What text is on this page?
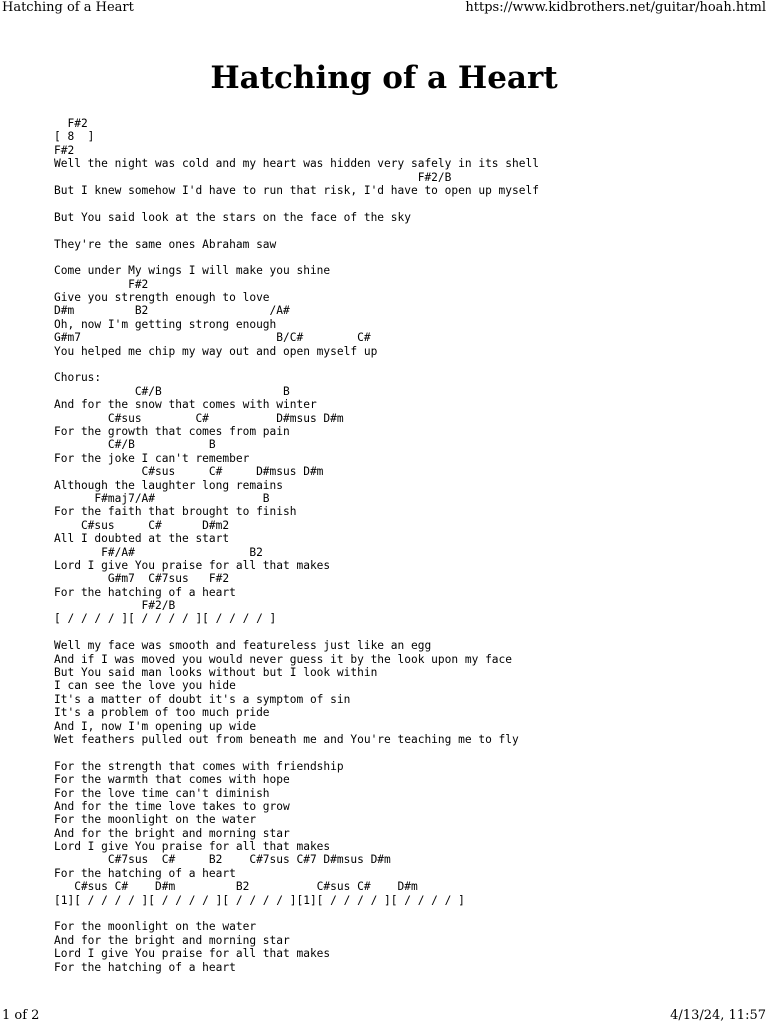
Hatching of a Heart	https://www.kidbrothers.net/guitar/hoah.html
Hatching of a Heart
F#2
[ 8  ]
F#2
Well the night was cold and my heart was hidden very safely in its shell
F#2/B
But I knew somehow I'd have to run that risk, I'd have to open up myself
But You said look at the stars on the face of the sky
They're the same ones Abraham saw
Come under My wings I will make you shine
F#2
Give you strength enough to love
D#m         B2                  /A#
Oh, now I'm getting strong enough
G#m7                             B/C#        C#
You helped me chip my way out and open myself up
Chorus:
C#/B                  B
And for the snow that comes with winter
C#sus        C#          D#msus D#m
For the growth that comes from pain
C#/B           B
For the joke I can't remember
C#sus     C#     D#msus D#m
Although the laughter long remains
F#maj7/A#                B
For the faith that brought to finish
C#sus     C#      D#m2
All I doubted at the start
F#/A#                 B2
Lord I give You praise for all that makes
G#m7  C#7sus   F#2
For the hatching of a heart
F#2/B
[ / / / / ][ / / / / ][ / / / / ]
Well my face was smooth and featureless just like an egg
And if I was moved you would never guess it by the look upon my face
But You said man looks without but I look within
I can see the love you hide
It's a matter of doubt it's a symptom of sin
It's a problem of too much pride
And I, now I'm opening up wide
Wet feathers pulled out from beneath me and You're teaching me to fly
For the strength that comes with friendship
For the warmth that comes with hope
For the love time can't diminish
And for the time love takes to grow
For the moonlight on the water
And for the bright and morning star
Lord I give You praise for all that makes
C#7sus  C#     B2    C#7sus C#7 D#msus D#m
For the hatching of a heart
C#sus C#    D#m         B2          C#sus C#    D#m
[1][ / / / / ][ / / / / ][ / / / / ][1][ / / / / ][ / / / / ]
For the moonlight on the water
And for the bright and morning star
Lord I give You praise for all that makes
For the hatching of a heart
1 of 2	4/13/24, 11:57
